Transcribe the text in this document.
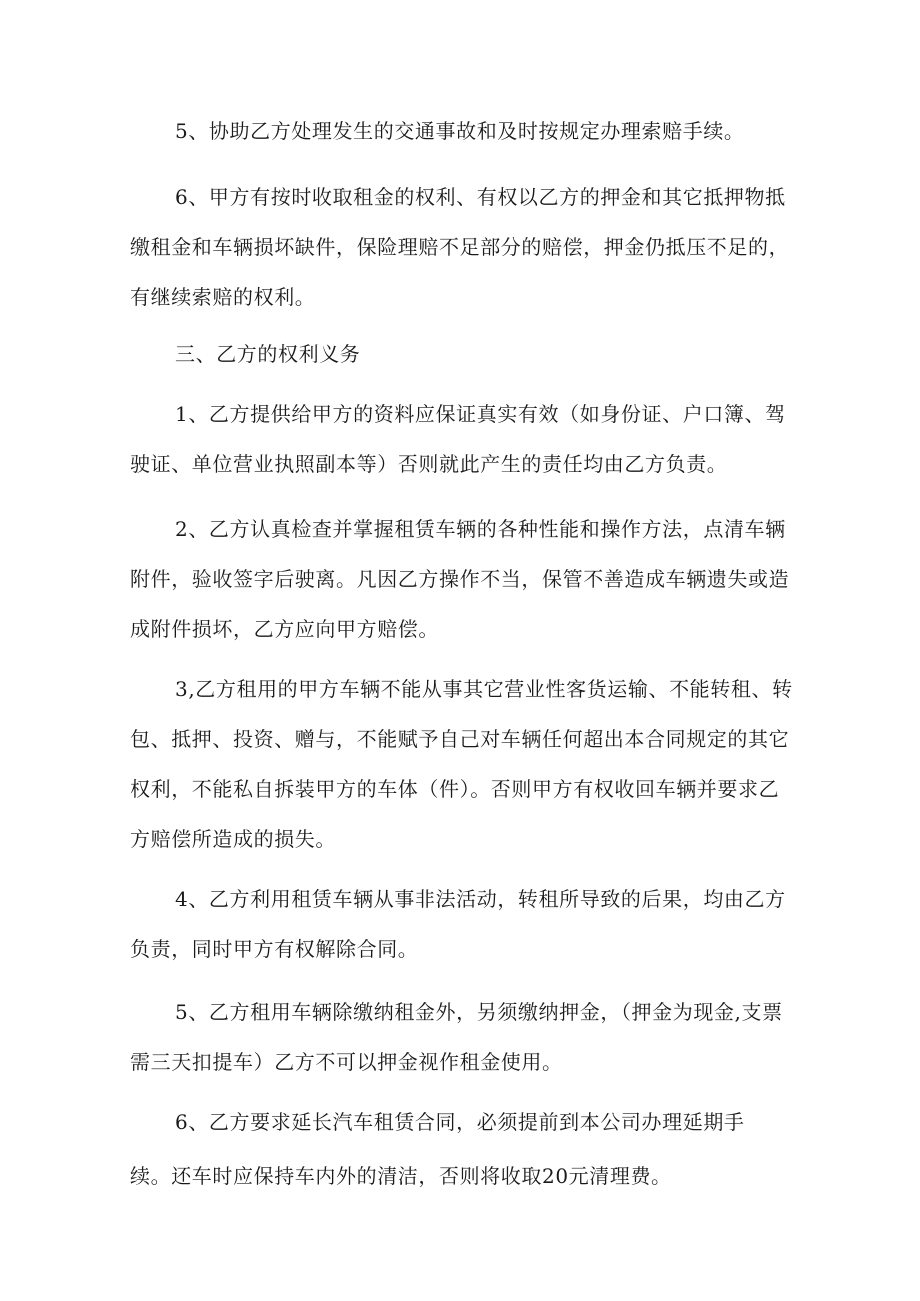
5、协助乙方处理发生的交通事故和及时按规定办理索赔手续。
6、甲方有按时收取租金的权利、有权以乙方的押金和其它抵押物抵
缴租金和车辆损坏缺件，保险理赔不足部分的赔偿，押金仍抵压不足的，
有继续索赔的权利。
三、乙方的权利义务
1、乙方提供给甲方的资料应保证真实有效（如身份证、户口簿、驾
驶证、单位营业执照副本等）否则就此产生的责任均由乙方负责。
2、乙方认真检查并掌握租赁车辆的各种性能和操作方法，点清车辆
附件，验收签字后驶离。凡因乙方操作不当，保管不善造成车辆遗失或造
成附件损坏，乙方应向甲方赔偿。
3,乙方租用的甲方车辆不能从事其它营业性客货运输、不能转租、转
包、抵押、投资、赠与，不能赋予自己对车辆任何超出本合同规定的其它
权利，不能私自拆装甲方的车体（件）。否则甲方有权收回车辆并要求乙
方赔偿所造成的损失。
4、乙方利用租赁车辆从事非法活动，转租所导致的后果，均由乙方
负责，同时甲方有权解除合同。
5、乙方租用车辆除缴纳租金外，另须缴纳押金，（押金为现金,支票
需三天扣提车）乙方不可以押金视作租金使用。
6、乙方要求延长汽车租赁合同，必须提前到本公司办理延期手
续。还车时应保持车内外的清洁，否则将收取20元清理费。
